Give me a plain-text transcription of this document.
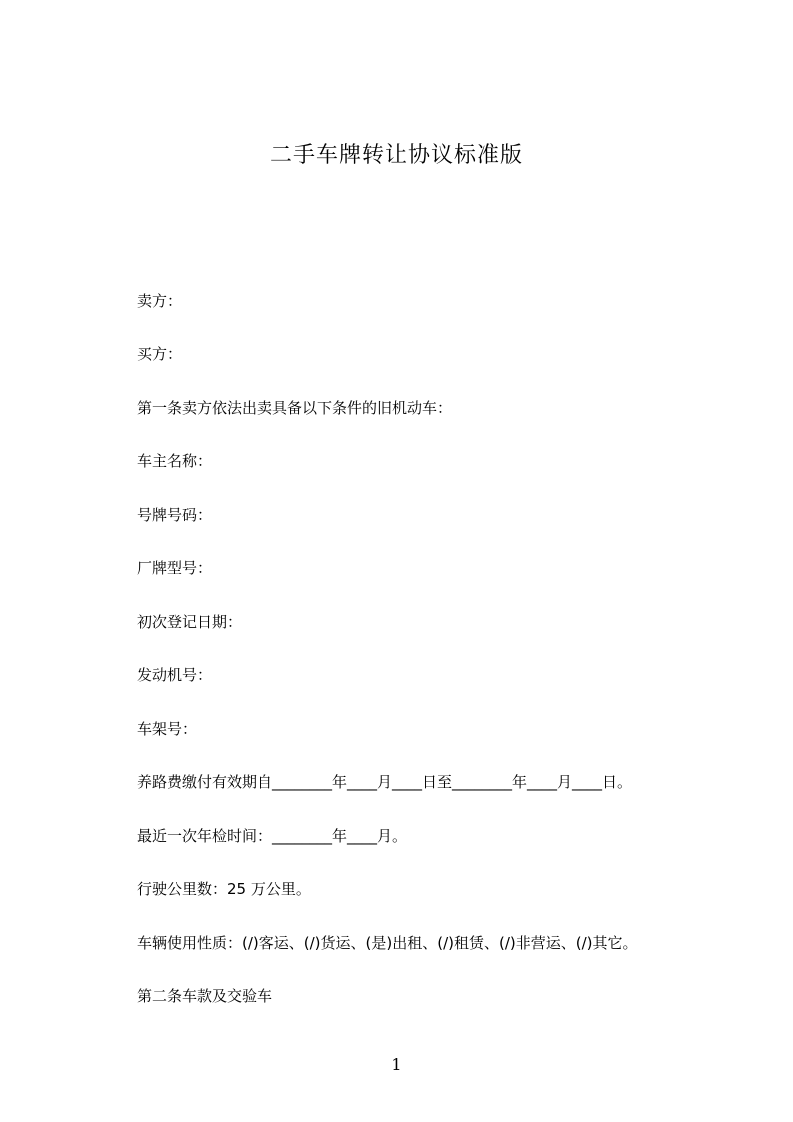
二手车牌转让协议标准版
卖方：
买方：
第一条卖方依法出卖具备以下条件的旧机动车：
车主名称：
号牌号码：
厂牌型号：
初次登记日期：
发动机号：
车架号：
养路费缴付有效期自________年____月____日至________年____月____日。
最近一次年检时间：________年____月。
行驶公里数：25 万公里。
车辆使用性质：(/)客运、(/)货运、(是)出租、(/)租赁、(/)非营运、(/)其它。
第二条车款及交验车
1
